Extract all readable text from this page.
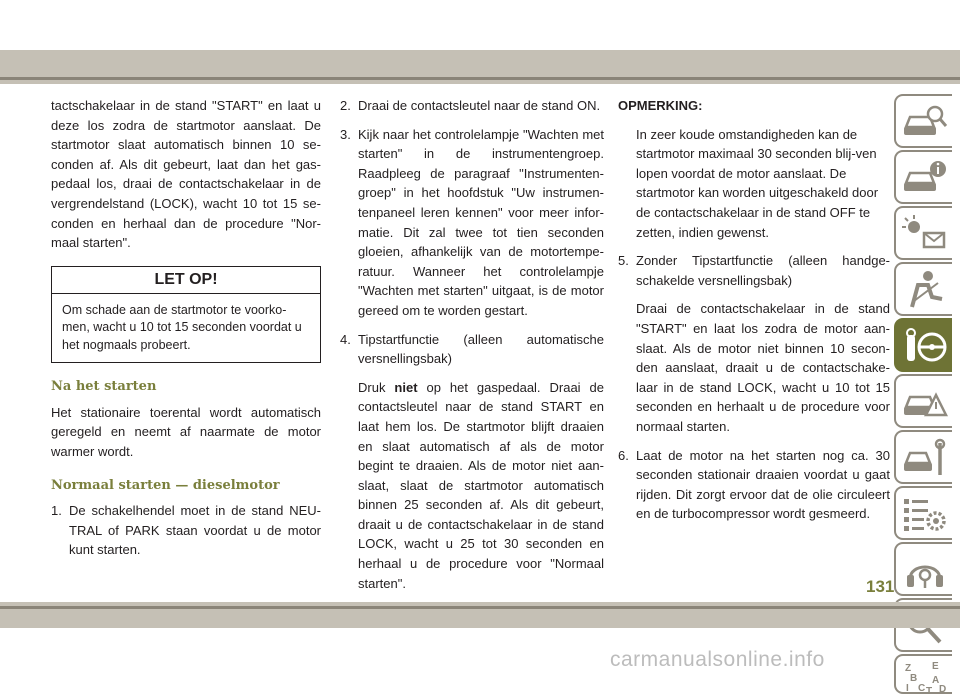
tactschakelaar in de stand "START" en laat u deze los zodra de startmotor aanslaat. De startmotor slaat automatisch binnen 10 se-conden af. Als dit gebeurt, laat dan het gas-pedaal los, draai de contactschakelaar in de vergrendelstand (LOCK), wacht 10 tot 15 se-conden en herhaal dan de procedure "Nor-maal starten".

LET OP!
Om schade aan de startmotor te voorko-men, wacht u 10 tot 15 seconden voordat u het nogmaals probeert.
Na het starten

Het stationaire toerental wordt automatisch geregeld en neemt af naarmate de motor warmer wordt.

Normaal starten — dieselmotor
1. De schakelhendel moet in de stand NEU-TRAL of PARK staan voordat u de motor kunt starten.
2. Draai de contactsleutel naar de stand ON.
3. Kijk naar het controlelampje "Wachten met starten" in de instrumentengroep. Raadpleeg de paragraaf "Instrumenten-groep" in het hoofdstuk "Uw instrumen-tenpaneel leren kennen" voor meer infor-matie. Dit zal twee tot tien seconden gloeien, afhankelijk van de motortempe-ratuur. Wanneer het controlelampje "Wachten met starten" uitgaat, is de motor gereed om te worden gestart.
4. Tipstartfunctie (alleen automatische versnellingsbak)

Druk niet op het gaspedaal. Draai de contactsleutel naar de stand START en laat hem los. De startmotor blijft draaien en slaat automatisch af als de motor begint te draaien. Als de motor niet aan-slaat, slaat de startmotor automatisch binnen 25 seconden af. Als dit gebeurt, draait u de contactschakelaar in de stand LOCK, wacht u 25 tot 30 seconden en herhaal u de procedure voor "Normaal starten".

OPMERKING:

In zeer koude omstandigheden kan de startmotor maximaal 30 seconden blij-ven lopen voordat de motor aanslaat. De startmotor kan worden uitgeschakeld door de contactschakelaar in de stand OFF te zetten, indien gewenst.

5. Zonder Tipstartfunctie (alleen handge-schakelde versnellingsbak)

Draai de contactschakelaar in de stand "START" en laat los zodra de motor aan-slaat. Als de motor niet binnen 10 secon-den aanslaat, draait u de contactschake-laar in de stand LOCK, wacht u 10 tot 15 seconden en herhaalt u de procedure voor normaal starten.

6. Laat de motor na het starten nog ca. 30 seconden stationair draaien voordat u gaat rijden. Dit zorgt ervoor dat de olie circuleert en de turbocompressor wordt gesmeerd.
Z E
B A
C D
I T
131
carmanualsonline.info
